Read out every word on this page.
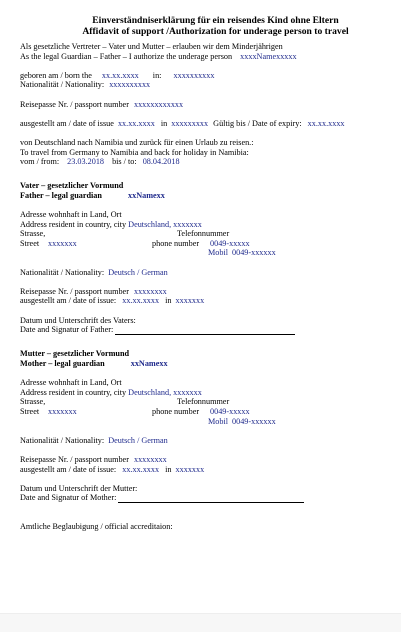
Einverständniserklärung für ein reisendes Kind ohne Eltern
Affidavit of support /Authorization for underage person to travel
Als gesetzliche Vertreter – Vater und Mutter – erlauben wir dem Minderjährigen
As the legal Guardian – Father – I authorize the underage person xxxxNamexxxxx
geboren am / born the xx.xx.xxxx in: xxxxxxxxxx
Nationalität / Nationality: xxxxxxxxxx
Reisepasse Nr. / passport number xxxxxxxxxxxx
ausgestellt am / date of issue xx.xx.xxxx in xxxxxxxxx Gültig bis / Date of expiry: xx.xx.xxxx
von Deutschland nach Namibia und zurück für einen Urlaub zu reisen.:
To travel from Germany to Namibia and back for holiday in Namibia:
vom / from: 23.03.2018 bis / to: 08.04.2018
Vater – gesetzlicher Vormund
Father – legal guardian	xxNamexx
Adresse wohnhaft in Land, Ort
Address resident in country, city Deutschland, xxxxxxx
Strasse,	Telefonnummer
Street xxxxxxx	phone number 0049-xxxxx
Mobil 0049-xxxxxx
Nationalität / Nationality: Deutsch / German
Reisepasse Nr. / passport number xxxxxxxx
ausgestellt am / date of issue: xx.xx.xxxx in xxxxxxx
Datum und Unterschrift des Vaters:
Date and Signatur of Father:
Mutter – gesetzlicher Vormund
Mother – legal guardian	xxNamexx
Adresse wohnhaft in Land, Ort
Address resident in country, city Deutschland, xxxxxxx
Strasse,	Telefonnummer
Street xxxxxxx	phone number 0049-xxxxx
Mobil 0049-xxxxxx
Nationalität / Nationality: Deutsch / German
Reisepasse Nr. / passport number xxxxxxxx
ausgestellt am / date of issue: xx.xx.xxxx in xxxxxxx
Datum und Unterschrift der Mutter:
Date and Signatur of Mother:
Amtliche Beglaubigung / official accreditaion:
